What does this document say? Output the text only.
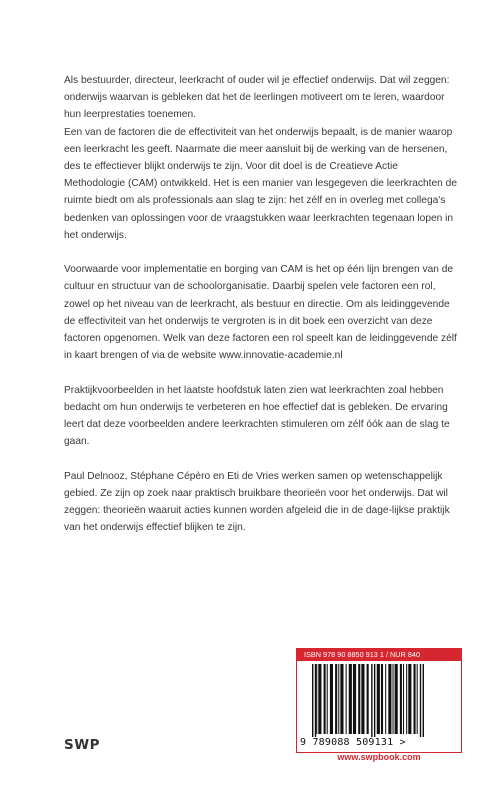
Als bestuurder, directeur, leerkracht of ouder wil je effectief onderwijs. Dat wil zeggen: onderwijs waarvan is gebleken dat het de leerlingen motiveert om te leren, waardoor hun leerprestaties toenemen.

Een van de factoren die de effectiviteit van het onderwijs bepaalt, is de manier waarop een leerkracht les geeft. Naarmate die meer aansluit bij de werking van de hersenen, des te effectiever blijkt onderwijs te zijn. Voor dit doel is de Creatieve Actie Methodologie (CAM) ontwikkeld. Het is een manier van lesgegeven die leerkrachten de ruimte biedt om als professionals aan slag te zijn: het zélf en in overleg met collega's bedenken van oplossingen voor de vraagstukken waar leerkrachten tegenaan lopen in het onderwijs.

Voorwaarde voor implementatie en borging van CAM is het op één lijn brengen van de cultuur en structuur van de schoolorganisatie. Daarbij spelen vele factoren een rol, zowel op het niveau van de leerkracht, als bestuur en directie. Om als leidinggevende de effectiviteit van het onderwijs te vergroten is in dit boek een overzicht van deze factoren opgenomen. Welk van deze factoren een rol speelt kan de leidinggevende zélf in kaart brengen of via de website www.innovatie-academie.nl

Praktijkvoorbeelden in het laatste hoofdstuk laten zien wat leerkrachten zoal hebben bedacht om hun onderwijs te verbeteren en hoe effectief dat is gebleken. De ervaring leert dat deze voorbeelden andere leerkrachten stimuleren om zélf óók aan de slag te gaan.

Paul Delnooz, Stéphane Cépèro en Eti de Vries werken samen op wetenschappelijk gebied. Ze zijn op zoek naar praktisch bruikbare theorieën voor het onderwijs. Dat wil zeggen: theorieën waaruit acties kunnen worden afgeleid die in de dage-lijkse praktijk van het onderwijs effectief blijken te zijn.

SWP
ISBN 978 90 8850 913 1 / NUR 840
9 789088 509131 >
www.swpbook.com
